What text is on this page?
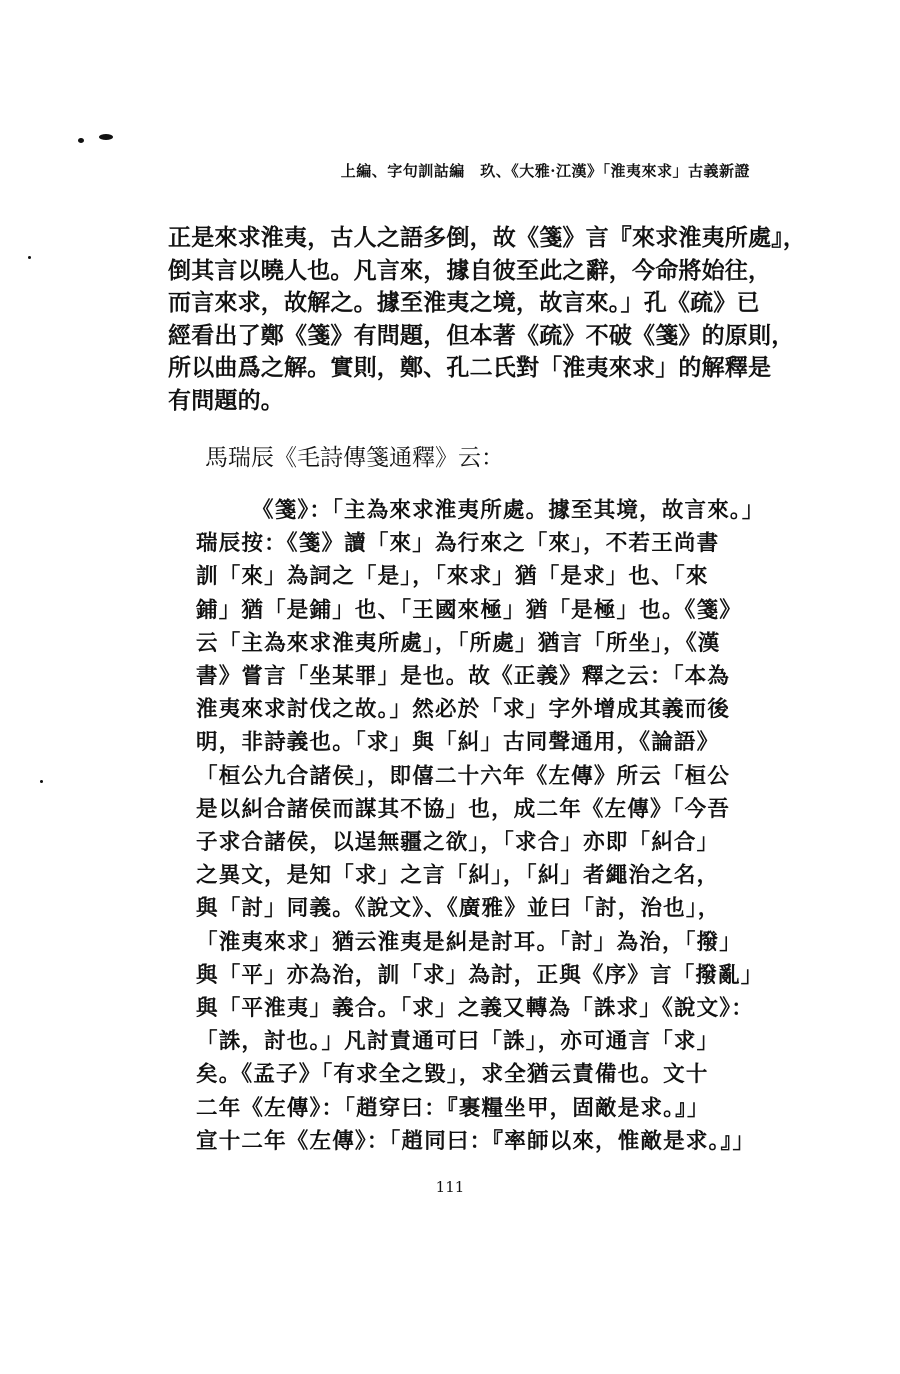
上編、字句訓詁編　玖、《大雅·江漢》「淮夷來求」古義新證
正是來求淮夷，古人之語多倒，故《箋》言『來求淮夷所處』，
倒其言以曉人也。凡言來，據自彼至此之辭，今命將始往，
而言來求，故解之。據至淮夷之境，故言來。」孔《疏》已
經看出了鄭《箋》有問題，但本著《疏》不破《箋》的原則，
所以曲爲之解。實則，鄭、孔二氏對「淮夷來求」的解釋是
有問題的。
馬瑞辰《毛詩傳箋通釋》云：
《箋》：「主為來求淮夷所處。據至其境，故言來。」
瑞辰按：《箋》讀「來」為行來之「來」，不若王尚書
訓「來」為詞之「是」，「來求」猶「是求」也、「來
鋪」猶「是鋪」也、「王國來極」猶「是極」也。《箋》
云「主為來求淮夷所處」，「所處」猶言「所坐」，《漢
書》嘗言「坐某罪」是也。故《正義》釋之云：「本為
淮夷來求討伐之故。」然必於「求」字外增成其義而後
明，非詩義也。「求」與「糾」古同聲通用，《論語》
「桓公九合諸侯」，即僖二十六年《左傳》所云「桓公
是以糾合諸侯而謀其不協」也，成二年《左傳》「今吾
子求合諸侯，以逞無疆之欲」，「求合」亦即「糾合」
之異文，是知「求」之言「糾」，「糾」者繩治之名，
與「討」同義。《說文》、《廣雅》並曰「討，治也」，
「淮夷來求」猶云淮夷是糾是討耳。「討」為治，「撥」
與「平」亦為治，訓「求」為討，正與《序》言「撥亂」
與「平淮夷」義合。「求」之義又轉為「誅求」《說文》：
「誅，討也。」凡討責通可曰「誅」，亦可通言「求」
矣。《孟子》「有求全之毀」，求全猶云責備也。文十
二年《左傳》：「趙穿曰：『裹糧坐甲，固敵是求。』」
宣十二年《左傳》：「趙同曰：『率師以來，惟敵是求。』」
111
